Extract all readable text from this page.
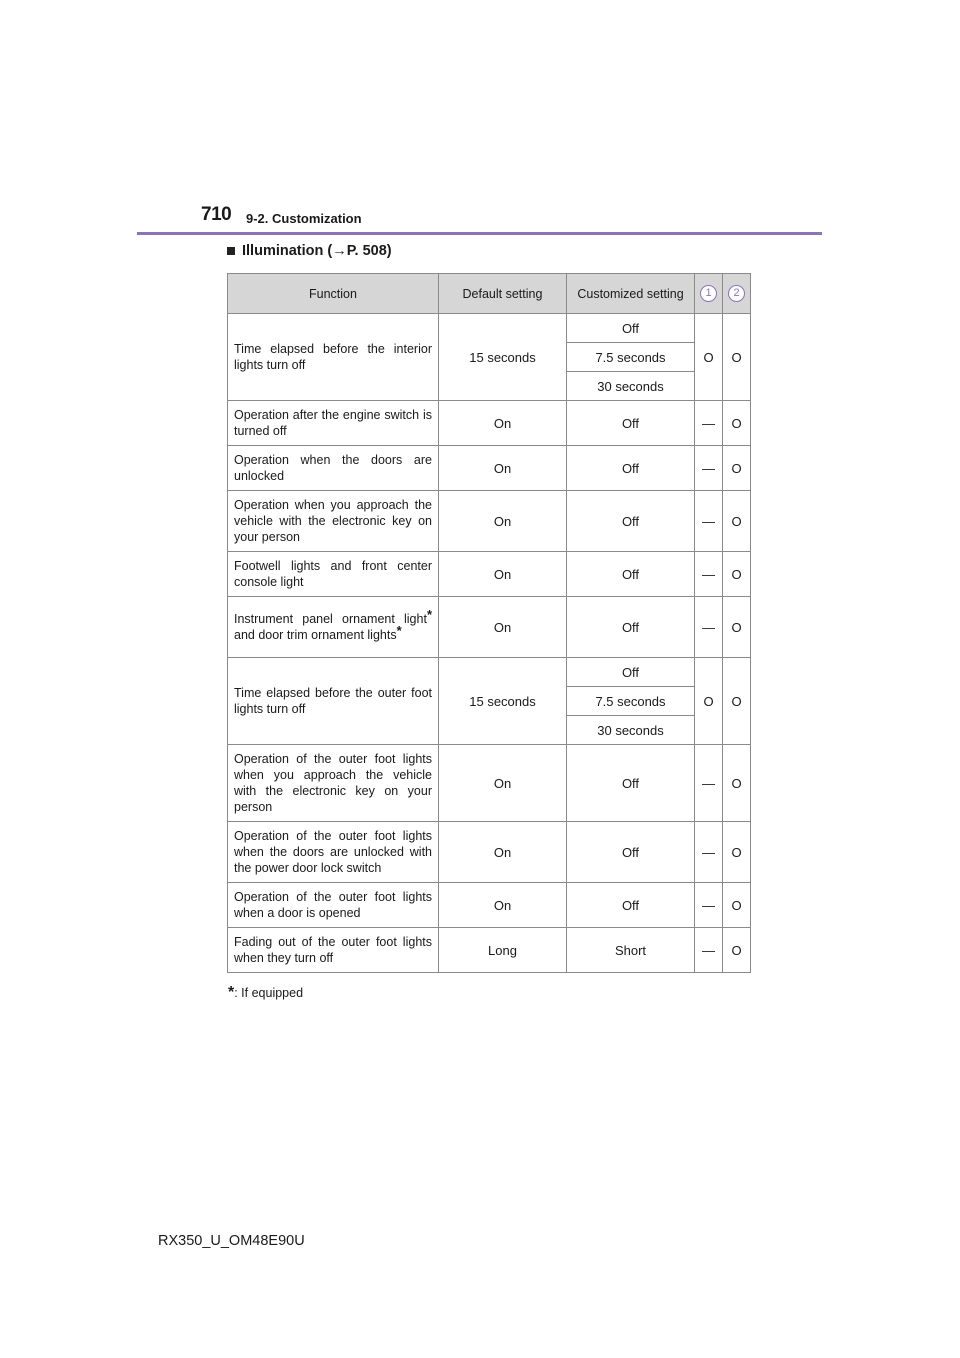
710 9-2. Customization
Illumination (→P. 508)
Function	Default setting	Customized setting	1	2
Time elapsed before the interior lights turn off	15 seconds	Off	O	O
		7.5 seconds		
		30 seconds		
Operation after the engine switch is turned off	On	Off	—	O
Operation when the doors are unlocked	On	Off	—	O
Operation when you approach the vehicle with the electronic key on your person	On	Off	—	O
Footwell lights and front center console light	On	Off	—	O
Instrument panel ornament light* and door trim ornament lights*	On	Off	—	O
Time elapsed before the outer foot lights turn off	15 seconds	Off	O	O
		7.5 seconds		
		30 seconds		
Operation of the outer foot lights when you approach the vehicle with the electronic key on your person	On	Off	—	O
Operation of the outer foot lights when the doors are unlocked with the power door lock switch	On	Off	—	O
Operation of the outer foot lights when a door is opened	On	Off	—	O
Fading out of the outer foot lights when they turn off	Long	Short	—	O
*: If equipped
RX350_U_OM48E90U
